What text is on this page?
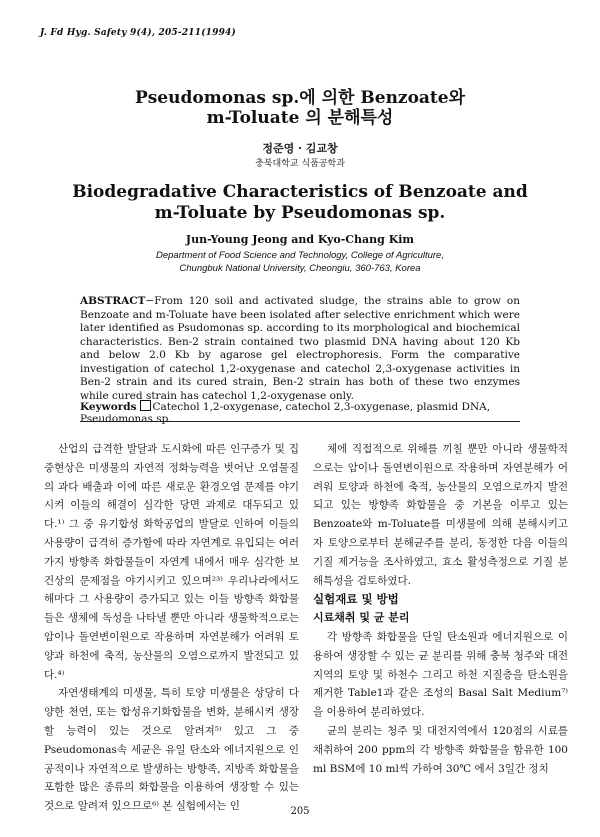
J. Fd Hyg. Safety 9(4), 205-211(1994)
Pseudomonas sp.에 의한 Benzoate와
m-Toluate 의 분해특성
정준영 · 김교창
충북대학교 식품공학과
Biodegradative Characteristics of Benzoate and
m-Toluate by Pseudomonas sp.
Jun-Young Jeong and Kyo-Chang Kim
Department of Food Science and Technology, College of Agriculture,
Chungbuk National University, Cheongiu, 360-763, Korea
ABSTRACT−From 120 soil and activated sludge, the strains able to grow on Benzoate and m-Toluate have been isolated after selective enrichment which were later identified as Psudomonas sp. according to its morphological and biochemical characteristics. Ben-2 strain contained two plasmid DNA having about 120 Kb and below 2.0 Kb by agarose gel electrophoresis. Form the comparative investigation of catechol 1,2-oxygenase and catechol 2,3-oxygenase activities in Ben-2 strain and its cured strain, Ben-2 strain has both of these two enzymes while cured strain has catechol 1,2-oxygenase only.
Keywords Catechol 1,2-oxygenase, catechol 2,3-oxygenase, plasmid DNA, Pseudomonas sp.

산업의 급격한 발달과 도시화에 따른 인구증가 및 집중현상은 미생물의 자연적 정화능력을 벗어난 오염물질의 과다 배출과 이에 따른 새로운 환경오염 문제를 야기시켜 이들의 해결이 심각한 당면 과제로 대두되고 있다.¹⁾ 그 중 유기합성 화학공업의 발달로 인하여 이들의 사용량이 급격히 증가함에 따라 자연계로 유입되는 여러가지 방향족 화합물들이 자연계 내에서 매우 심각한 보건상의 문제점을 야기시키고 있으며²³⁾ 우리나라에서도 해마다 그 사용량이 증가되고 있는 이들 방향족 화합물들은 생체에 독성을 나타낼 뿐만 아니라 생물학적으로는 암이나 돌연변이원으로 작용하며 자연분해가 어려워 토양과 하천에 축적, 농산물의 오염으로까지 발전되고 있다.⁴⁾

자연생태계의 미생물, 특히 토양 미생물은 상당히 다양한 천연, 또는 합성유기화합물을 변화, 분해시켜 생장할 능력이 있는 것으로 알려져⁵⁾ 있고 그 중 Pseudomonas속 세균은 유일 탄소와 에너지원으로 인공적이나 자연적으로 발생하는 방향족, 지방족 화합물을 포함한 많은 종류의 화합물을 이용하여 생장할 수 있는 것으로 알려져 있으므로⁶⁾ 본 실험에서는 인

체에 직접적으로 위해를 끼칠 뿐만 아니라 생물학적으로는 암이나 돌연변이원으로 작용하며 자연분해가 어려워 토양과 하천에 축적, 농산물의 오염으로까지 발전되고 있는 방향족 화합물을 중 기본을 이루고 있는 Benzoate와 m-Toluate를 미생물에 의해 분해시키고자 토양으로부터 분해균주를 분리, 동정한 다음 이들의 기질 제거능을 조사하였고, 효소 활성측정으로 기질 분해특성을 검토하였다.

실험재료 및 방법

시료채취 및 균 분리

각 방향족 화합물을 단일 탄소원과 에너지원으로 이용하여 생장할 수 있는 균 분리를 위해 충북 청주와 대전지역의 토양 및 하천수 그리고 하천 지질층을 탄소원을 제거한 Table1과 같은 조성의 Basal Salt Medium⁷⁾을 이용하여 분리하였다.

균의 분리는 청주 및 대전지역에서 120점의 시료를 채취하여 200 ppm의 각 방향족 화합물을 함유한 100 ml BSM에 10 ml씩 가하여 30℃ 에서 3일간 정치

205
